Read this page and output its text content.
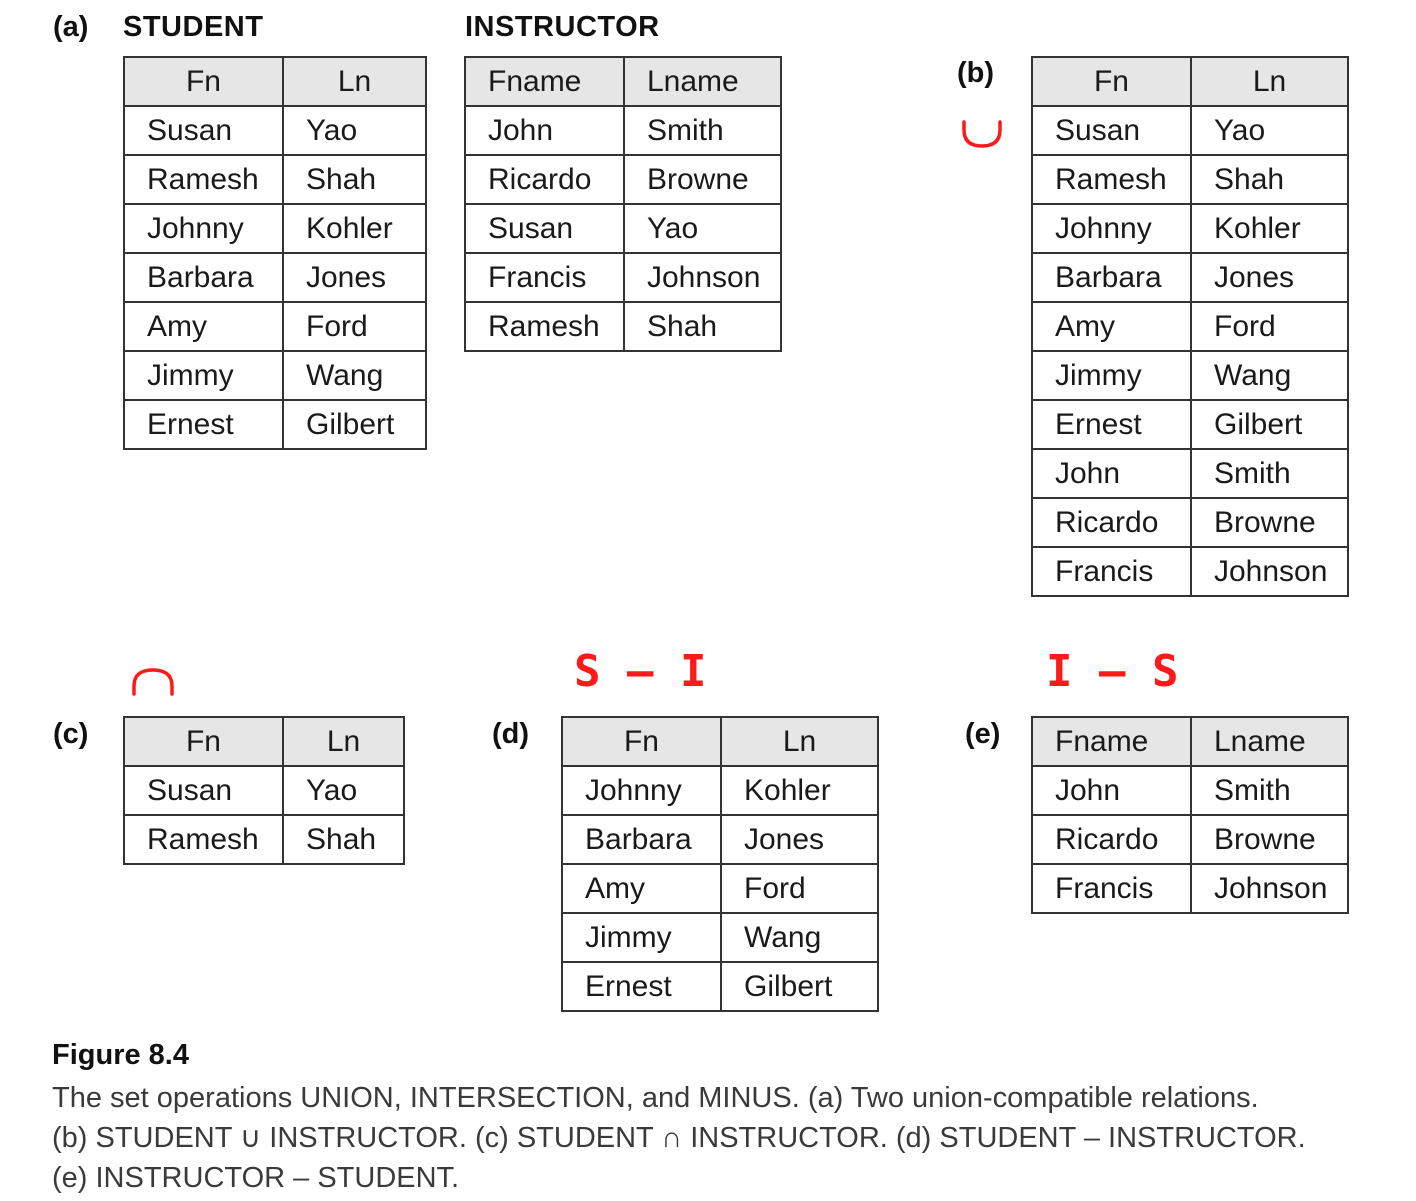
(a) STUDENT	INSTRUCTOR
(b)
(c)	(d)	(e)
S – I	I – S
Fn	Ln
Susan	Yao
Ramesh	Shah
Johnny	Kohler
Barbara	Jones
Amy	Ford
Jimmy	Wang
Ernest	Gilbert
Fname	Lname
John	Smith
Ricardo	Browne
Susan	Yao
Francis	Johnson
Ramesh	Shah
Fn	Ln
Susan	Yao
Ramesh	Shah
Johnny	Kohler
Barbara	Jones
Amy	Ford
Jimmy	Wang
Ernest	Gilbert
John	Smith
Ricardo	Browne
Francis	Johnson
Fn	Ln
Susan	Yao
Ramesh	Shah
Fn	Ln
Johnny	Kohler
Barbara	Jones
Amy	Ford
Jimmy	Wang
Ernest	Gilbert
Fname	Lname
John	Smith
Ricardo	Browne
Francis	Johnson
Figure 8.4
The set operations UNION, INTERSECTION, and MINUS. (a) Two union-compatible relations.
(b) STUDENT ∪ INSTRUCTOR. (c) STUDENT ∩ INSTRUCTOR. (d) STUDENT – INSTRUCTOR.
(e) INSTRUCTOR – STUDENT.
